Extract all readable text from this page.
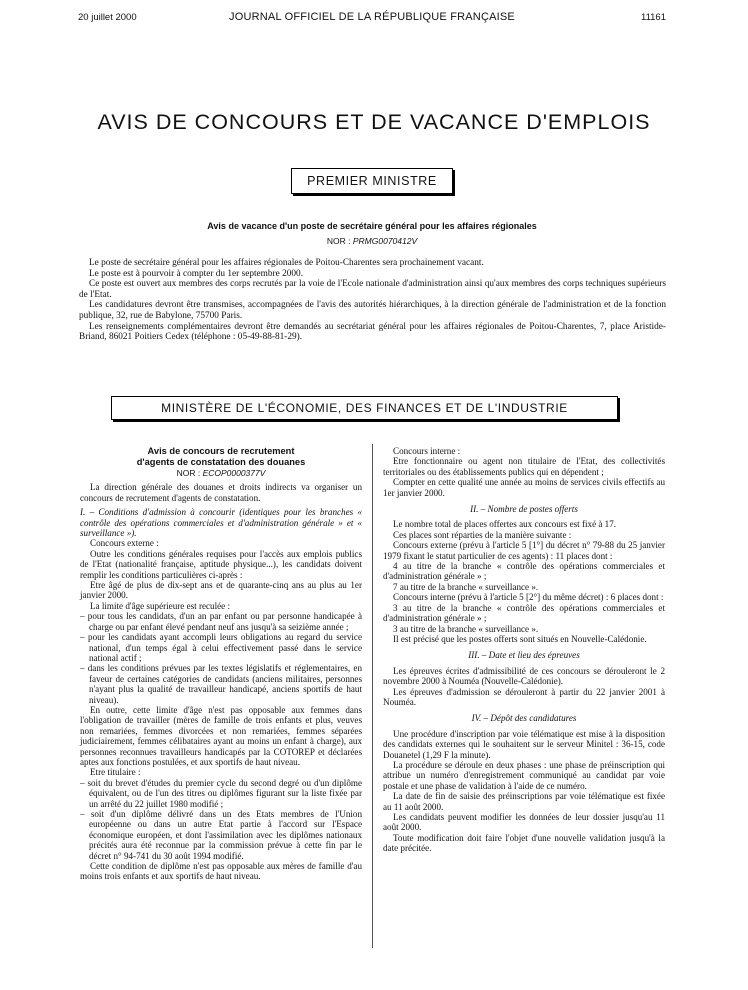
20 juillet 2000	JOURNAL OFFICIEL DE LA RÉPUBLIQUE FRANÇAISE	11161
AVIS DE CONCOURS ET DE VACANCE D'EMPLOIS
PREMIER MINISTRE
Avis de vacance d'un poste de secrétaire général pour les affaires régionales
NOR : PRMG0070412V

Le poste de secrétaire général pour les affaires régionales de Poitou-Charentes sera prochainement vacant.

Le poste est à pourvoir à compter du 1er septembre 2000.

Ce poste est ouvert aux membres des corps recrutés par la voie de l'Ecole nationale d'administration ainsi qu'aux membres des corps techniques supérieurs de l'Etat.

Les candidatures devront être transmises, accompagnées de l'avis des autorités hiérarchiques, à la direction générale de l'administration et de la fonction publique, 32, rue de Babylone, 75700 Paris.

Les renseignements complémentaires devront être demandés au secrétariat général pour les affaires régionales de Poitou-Charentes, 7, place Aristide-Briand, 86021 Poitiers Cedex (téléphone : 05-49-88-81-29).

MINISTÈRE DE L'ÉCONOMIE, DES FINANCES ET DE L'INDUSTRIE

Avis de concours de recrutement

d'agents de constatation des douanes

NOR : ECOP0000377V

La direction générale des douanes et droits indirects va organiser un concours de recrutement d'agents de constatation.

I. – Conditions d'admission à concourir (identiques pour les branches « contrôle des opérations commerciales et d'administration générale » et « surveillance »).

Concours externe :

Outre les conditions générales requises pour l'accès aux emplois publics de l'Etat (nationalité française, aptitude physique...), les candidats doivent remplir les conditions particulières ci-après :

Etre âgé de plus de dix-sept ans et de quarante-cinq ans au plus au 1er janvier 2000.

La limite d'âge supérieure est reculée :

– pour tous les candidats, d'un an par enfant ou par personne handicapée à charge ou par enfant élevé pendant neuf ans jusqu'à sa seizième année ;

– pour les candidats ayant accompli leurs obligations au regard du service national, d'un temps égal à celui effectivement passé dans le service national actif ;

– dans les conditions prévues par les textes législatifs et réglementaires, en faveur de certaines catégories de candidats (anciens militaires, personnes n'ayant plus la qualité de travailleur handicapé, anciens sportifs de haut niveau).

En outre, cette limite d'âge n'est pas opposable aux femmes dans l'obligation de travailler (mères de famille de trois enfants et plus, veuves non remariées, femmes divorcées et non remariées, femmes séparées judiciairement, femmes célibataires ayant au moins un enfant à charge), aux personnes reconnues travailleurs handicapés par la COTOREP et déclarées aptes aux fonctions postulées, et aux sportifs de haut niveau.

Etre titulaire :

– soit du brevet d'études du premier cycle du second degré ou d'un diplôme équivalent, ou de l'un des titres ou diplômes figurant sur la liste fixée par un arrêté du 22 juillet 1980 modifié ;

– soit d'un diplôme délivré dans un des Etats membres de l'Union européenne ou dans un autre Etat partie à l'accord sur l'Espace économique européen, et dont l'assimilation avec les diplômes nationaux précités aura été reconnue par la commission prévue à cette fin par le décret n° 94-741 du 30 août 1994 modifié.

Cette condition de diplôme n'est pas opposable aux mères de famille d'au moins trois enfants et aux sportifs de haut niveau.

Concours interne :

Etre fonctionnaire ou agent non titulaire de l'Etat, des collectivités territoriales ou des établissements publics qui en dépendent ;

Compter en cette qualité une année au moins de services civils effectifs au 1er janvier 2000.

II. – Nombre de postes offerts

Le nombre total de places offertes aux concours est fixé à 17.

Ces places sont réparties de la manière suivante :

Concours externe (prévu à l'article 5 [1°] du décret n° 79-88 du 25 janvier 1979 fixant le statut particulier de ces agents) : 11 places dont :

4 au titre de la branche « contrôle des opérations commerciales et d'administration générale » ;

7 au titre de la branche « surveillance ».

Concours interne (prévu à l'article 5 [2°] du même décret) : 6 places dont :

3 au titre de la branche « contrôle des opérations commerciales et d'administration générale » ;

3 au titre de la branche « surveillance ».

Il est précisé que les postes offerts sont situés en Nouvelle-Calédonie.

III. – Date et lieu des épreuves

Les épreuves écrites d'admissibilité de ces concours se dérouleront le 2 novembre 2000 à Nouméa (Nouvelle-Calédonie).

Les épreuves d'admission se dérouleront à partir du 22 janvier 2001 à Nouméa.

IV. – Dépôt des candidatures

Une procédure d'inscription par voie télématique est mise à la disposition des candidats externes qui le souhaitent sur le serveur Minitel : 36-15, code Douanetel (1,29 F la minute).

La procédure se déroule en deux phases : une phase de préinscription qui attribue un numéro d'enregistrement communiqué au candidat par voie postale et une phase de validation à l'aide de ce numéro.

La date de fin de saisie des préinscriptions par voie télématique est fixée au 11 août 2000.

Les candidats peuvent modifier les données de leur dossier jusqu'au 11 août 2000.

Toute modification doit faire l'objet d'une nouvelle validation jusqu'à la date précitée.
